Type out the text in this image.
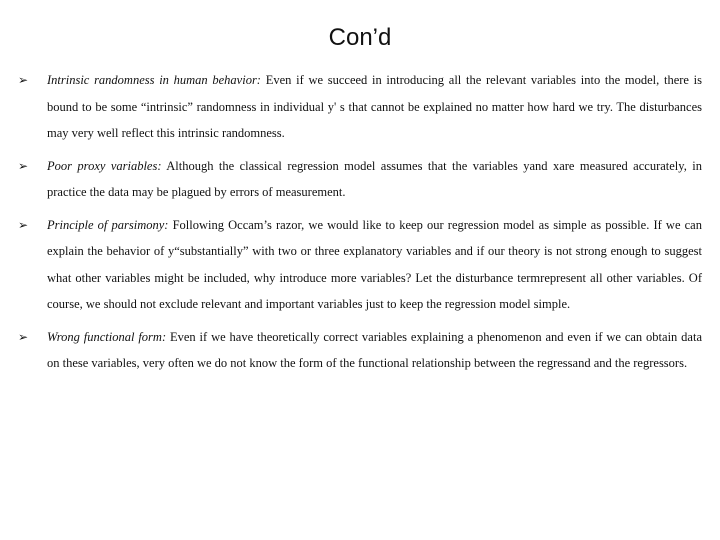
Con’d
➢ Intrinsic randomness in human behavior: Even if we succeed in introducing all the relevant variables into the model, there is bound to be some “intrinsic” randomness in individual y' s that cannot be explained no matter how hard we try. The disturbances may very well reflect this intrinsic randomness.
➢ Poor proxy variables: Although the classical regression model assumes that the variables yand xare measured accurately, in practice the data may be plagued by errors of measurement.
➢ Principle of parsimony: Following Occam’s razor, we would like to keep our regression model as simple as possible. If we can explain the behavior of y“substantially” with two or three explanatory variables and if our theory is not strong enough to suggest what other variables might be included, why introduce more variables? Let the disturbance termrepresent all other variables. Of course, we should not exclude relevant and important variables just to keep the regression model simple.
➢ Wrong functional form: Even if we have theoretically correct variables explaining a phenomenon and even if we can obtain data on these variables, very often we do not know the form of the functional relationship between the regressand and the regressors.
